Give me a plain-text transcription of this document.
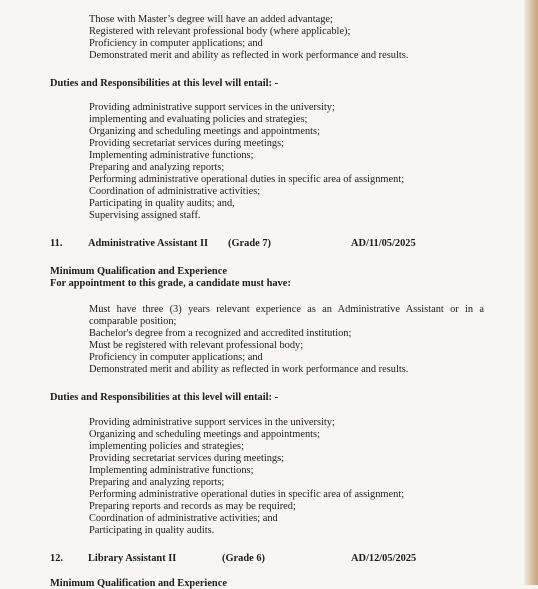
Those with Master’s degree will have an added advantage;
Registered with relevant professional body (where applicable);
Proficiency in computer applications; and
Demonstrated merit and ability as reflected in work performance and results.
Duties and Responsibilities at this level will entail: -
Providing administrative support services in the university;
implementing and evaluating policies and strategies;
Organizing and scheduling meetings and appointments;
Providing secretariat services during meetings;
Implementing administrative functions;
Preparing and analyzing reports;
Performing administrative operational duties in specific area of assignment;
Coordination of administrative activities;
Participating in quality audits; and,
Supervising assigned staff.
11. Administrative Assistant II (Grade 7)	AD/11/05/2025
Minimum Qualification and Experience
For appointment to this grade, a candidate must have:
Must have three (3) years relevant experience as an Administrative Assistant or in a comparable position;
Bachelor's degree from a recognized and accredited institution;
Must be registered with relevant professional body;
Proficiency in computer applications; and
Demonstrated merit and ability as reflected in work performance and results.
Duties and Responsibilities at this level will entail: -
Providing administrative support services in the university;
Organizing and scheduling meetings and appointments;
implementing policies and strategies;
Providing secretariat services during meetings;
Implementing administrative functions;
Preparing and analyzing reports;
Performing administrative operational duties in specific area of assignment;
Preparing reports and records as may be required;
Coordination of administrative activities; and
Participating in quality audits.
12. Library Assistant II	(Grade 6)	AD/12/05/2025
Minimum Qualification and Experience
